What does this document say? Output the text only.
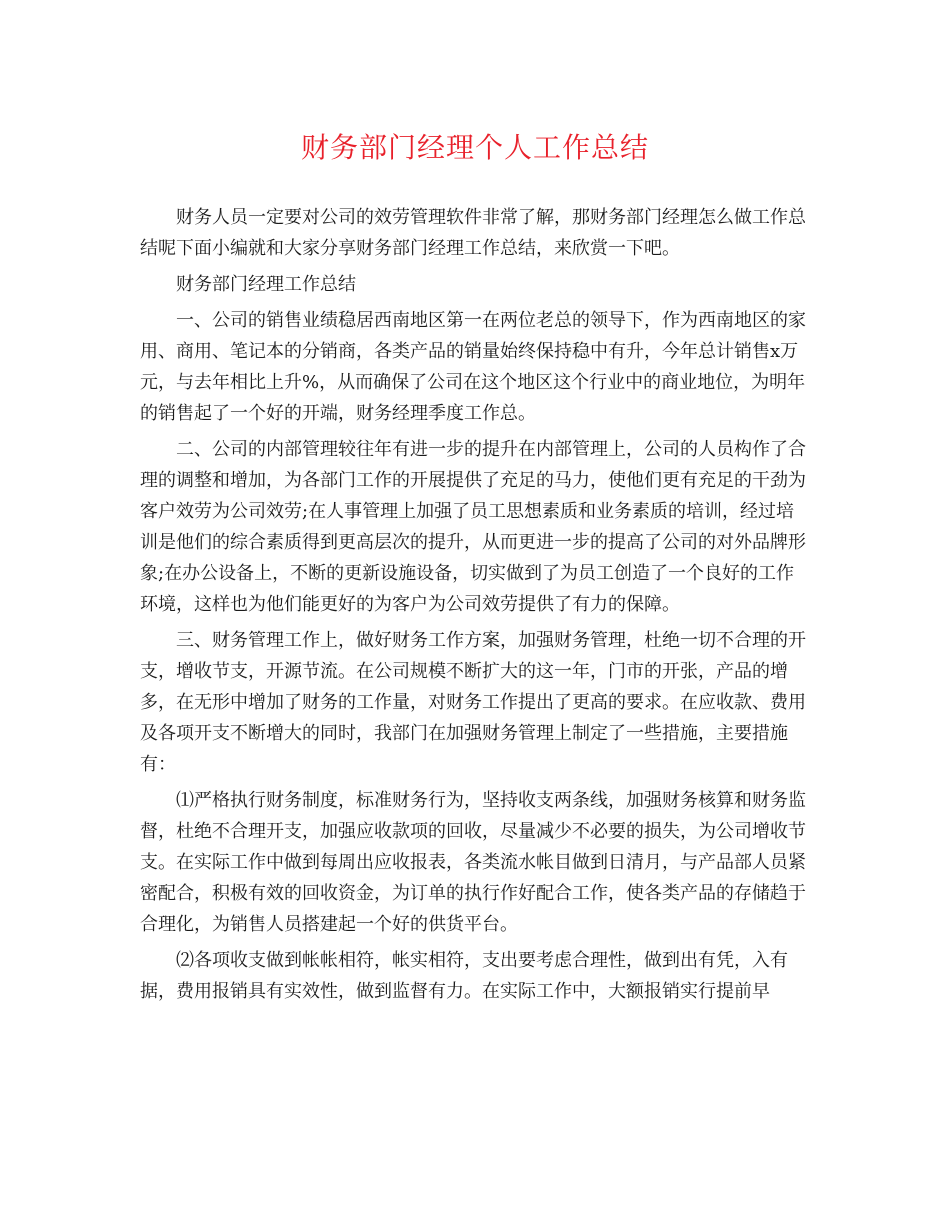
财务部门经理个人工作总结

财务人员一定要对公司的效劳管理软件非常了解，那财务部门经理怎么做工作总结呢下面小编就和大家分享财务部门经理工作总结，来欣赏一下吧。

财务部门经理工作总结

一、公司的销售业绩稳居西南地区第一在两位老总的领导下，作为西南地区的家用、商用、笔记本的分销商，各类产品的销量始终保持稳中有升，今年总计销售x万元，与去年相比上升%，从而确保了公司在这个地区这个行业中的商业地位，为明年的销售起了一个好的开端，财务经理季度工作总。

二、公司的内部管理较往年有进一步的提升在内部管理上，公司的人员构作了合理的调整和增加，为各部门工作的开展提供了充足的马力，使他们更有充足的干劲为客户效劳为公司效劳;在人事管理上加强了员工思想素质和业务素质的培训，经过培训是他们的综合素质得到更高层次的提升，从而更进一步的提高了公司的对外品牌形象;在办公设备上，不断的更新设施设备，切实做到了为员工创造了一个良好的工作环境，这样也为他们能更好的为客户为公司效劳提供了有力的保障。

三、财务管理工作上，做好财务工作方案，加强财务管理，杜绝一切不合理的开支，增收节支，开源节流。在公司规模不断扩大的这一年，门市的开张，产品的增多，在无形中增加了财务的工作量，对财务工作提出了更高的要求。在应收款、费用及各项开支不断增大的同时，我部门在加强财务管理上制定了一些措施，主要措施有：

⑴严格执行财务制度，标准财务行为，坚持收支两条线，加强财务核算和财务监督，杜绝不合理开支，加强应收款项的回收，尽量减少不必要的损失，为公司增收节支。在实际工作中做到每周出应收报表，各类流水帐目做到日清月，与产品部人员紧密配合，积极有效的回收资金，为订单的执行作好配合工作，使各类产品的存储趋于合理化，为销售人员搭建起一个好的供货平台。

⑵各项收支做到帐帐相符，帐实相符，支出要考虑合理性，做到出有凭，入有据，费用报销具有实效性，做到监督有力。在实际工作中，大额报销实行提前早
